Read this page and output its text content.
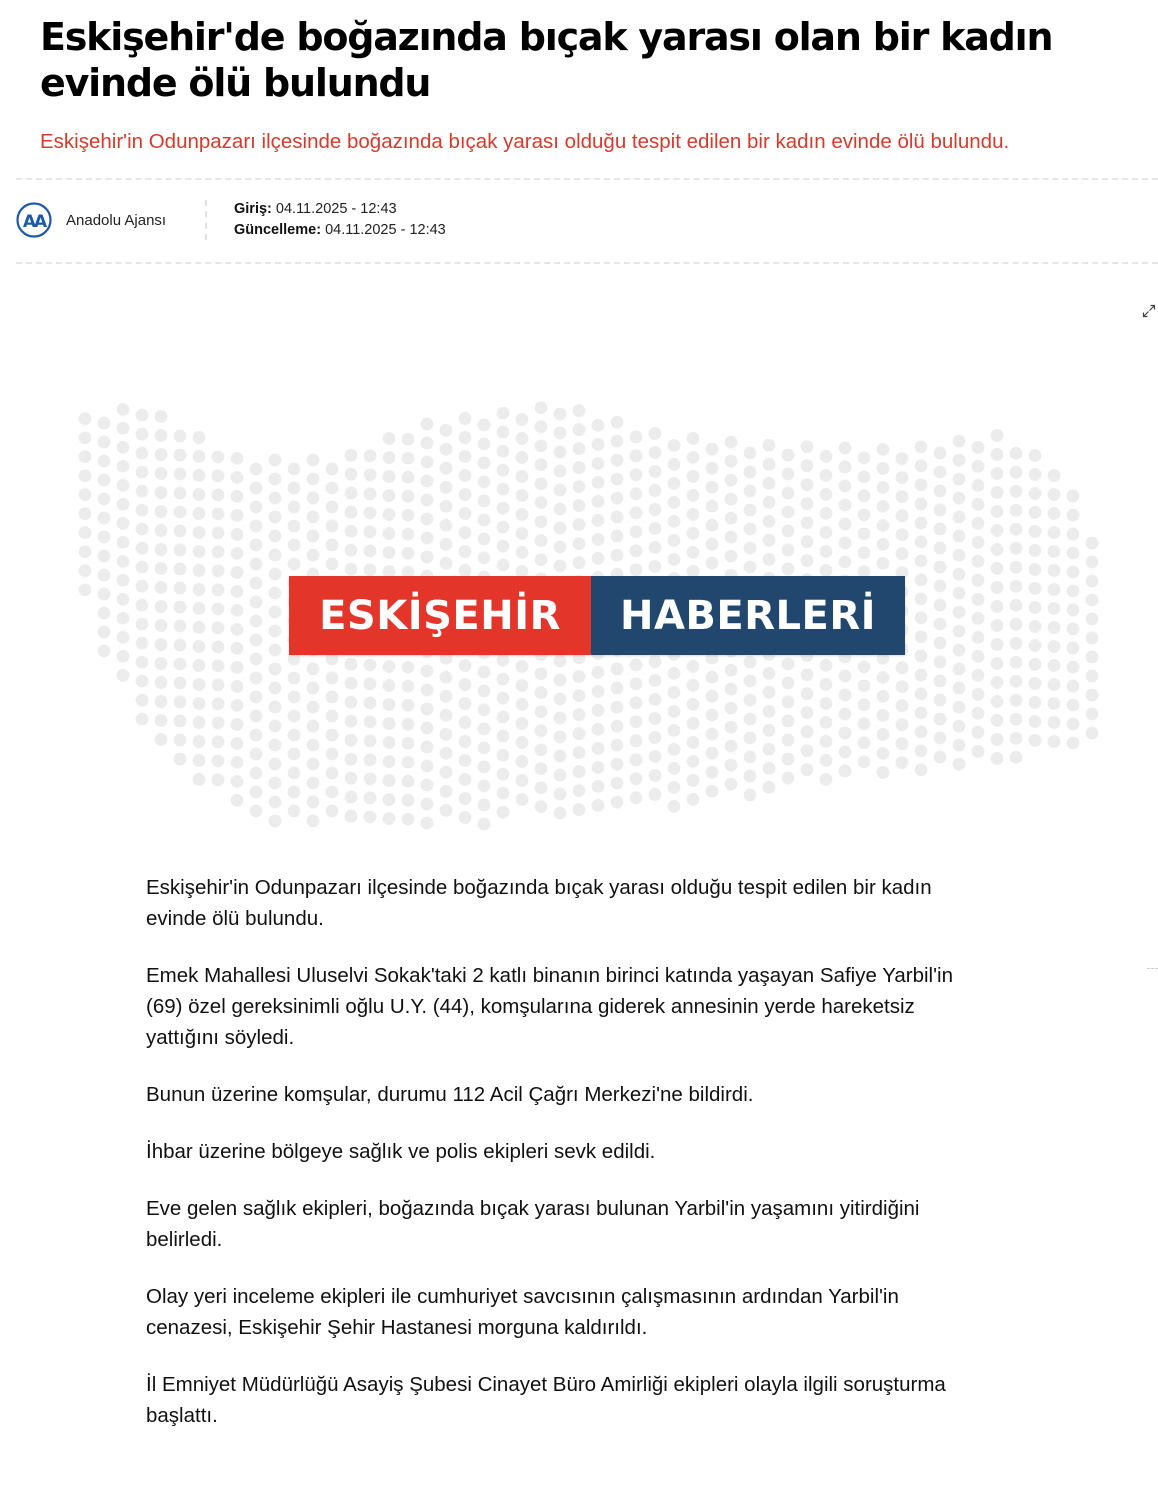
Eskişehir'de boğazında bıçak yarası olan bir kadın evinde ölü bulundu

Eskişehir'in Odunpazarı ilçesinde boğazında bıçak yarası olduğu tespit edilen bir kadın evinde ölü bulundu.

AA Anadolu Ajansı
Giriş: 04.11.2025 - 12:43
Güncelleme: 04.11.2025 - 12:43
ESKİŞEHİR HABERLERİ

Eskişehir'in Odunpazarı ilçesinde boğazında bıçak yarası olduğu tespit edilen bir kadın evinde ölü bulundu.

Emek Mahallesi Uluselvi Sokak'taki 2 katlı binanın birinci katında yaşayan Safiye Yarbil'in (69) özel gereksinimli oğlu U.Y. (44), komşularına giderek annesinin yerde hareketsiz yattığını söyledi.

Bunun üzerine komşular, durumu 112 Acil Çağrı Merkezi'ne bildirdi.

İhbar üzerine bölgeye sağlık ve polis ekipleri sevk edildi.

Eve gelen sağlık ekipleri, boğazında bıçak yarası bulunan Yarbil'in yaşamını yitirdiğini belirledi.

Olay yeri inceleme ekipleri ile cumhuriyet savcısının çalışmasının ardından Yarbil'in cenazesi, Eskişehir Şehir Hastanesi morguna kaldırıldı.

İl Emniyet Müdürlüğü Asayiş Şubesi Cinayet Büro Amirliği ekipleri olayla ilgili soruşturma başlattı.
